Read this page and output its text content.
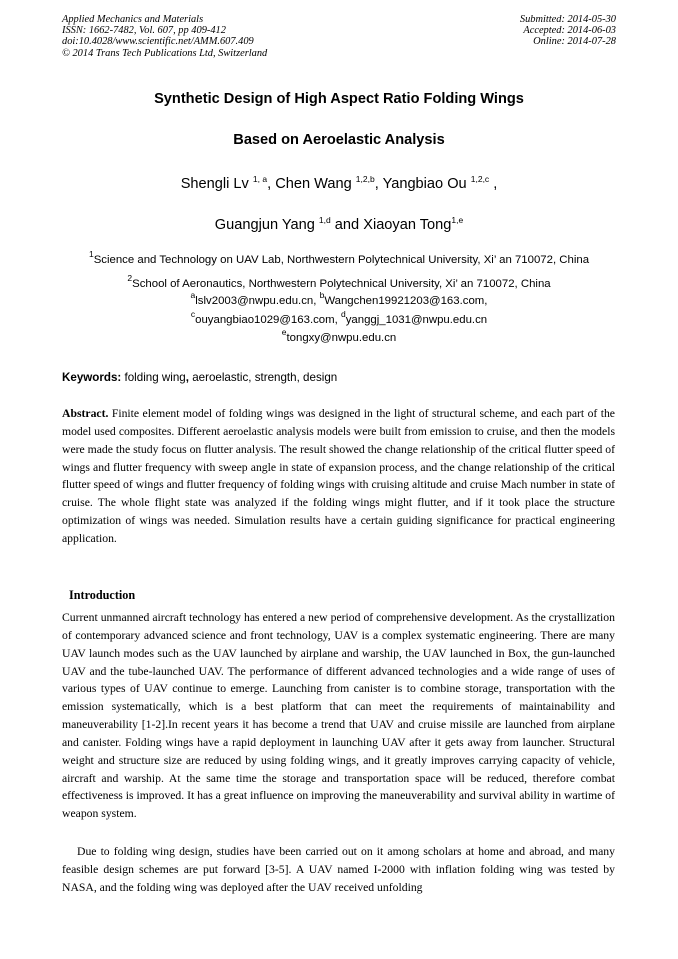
Applied Mechanics and Materials
ISSN: 1662-7482, Vol. 607, pp 409-412
doi:10.4028/www.scientific.net/AMM.607.409
© 2014 Trans Tech Publications Ltd, Switzerland
Submitted: 2014-05-30
Accepted: 2014-06-03
Online: 2014-07-28
Synthetic Design of High Aspect Ratio Folding Wings
Based on Aeroelastic Analysis
Shengli Lv $^{1, a}$, Chen Wang $^{1,2,b}$, Yangbiao Ou $^{1,2,c}$ ,
Guangjun Yang $^{1,d}$ and Xiaoyan Tong$^{1,e}$
$^1$Science and Technology on UAV Lab, Northwestern Polytechnical University, Xi’ an 710072, China
$^2$School of Aeronautics, Northwestern Polytechnical University, Xi’ an 710072, China
$^a$lslv2003@nwpu.edu.cn, $^b$Wangchen19921203@163.com,
$^c$ouyangbiao1029@163.com, $^d$yanggj_1031@nwpu.edu.cn
$^e$tongxy@nwpu.edu.cn
Keywords: folding wing, aeroelastic, strength, design
Abstract. Finite element model of folding wings was designed in the light of structural scheme, and each part of the model used composites. Different aeroelastic analysis models were built from emission to cruise, and then the models were made the study focus on flutter analysis. The result showed the change relationship of the critical flutter speed of wings and flutter frequency with sweep angle in state of expansion process, and the change relationship of the critical flutter speed of wings and flutter frequency of folding wings with cruising altitude and cruise Mach number in state of cruise. The whole flight state was analyzed if the folding wings might flutter, and if it took place the structure optimization of wings was needed. Simulation results have a certain guiding significance for practical engineering application.
Introduction
Current unmanned aircraft technology has entered a new period of comprehensive development. As the crystallization of contemporary advanced science and front technology, UAV is a complex systematic engineering. There are many UAV launch modes such as the UAV launched by airplane and warship, the UAV launched in Box, the gun-launched UAV and the tube-launched UAV. The performance of different advanced technologies and a wide range of uses of various types of UAV continue to emerge. Launching from canister is to combine storage, transportation with the emission systematically, which is a best platform that can meet the requirements of maintainability and maneuverability [1-2].In recent years it has become a trend that UAV and cruise missile are launched from airplane and canister. Folding wings have a rapid deployment in launching UAV after it gets away from launcher. Structural weight and structure size are reduced by using folding wings, and it greatly improves carrying capacity of vehicle, aircraft and warship. At the same time the storage and transportation space will be reduced, therefore combat effectiveness is improved. It has a great influence on improving the maneuverability and survival ability in wartime of weapon system.
Due to folding wing design, studies have been carried out on it among scholars at home and abroad, and many feasible design schemes are put forward [3-5]. A UAV named I-2000 with inflation folding wing was tested by NASA, and the folding wing was deployed after the UAV received unfolding
